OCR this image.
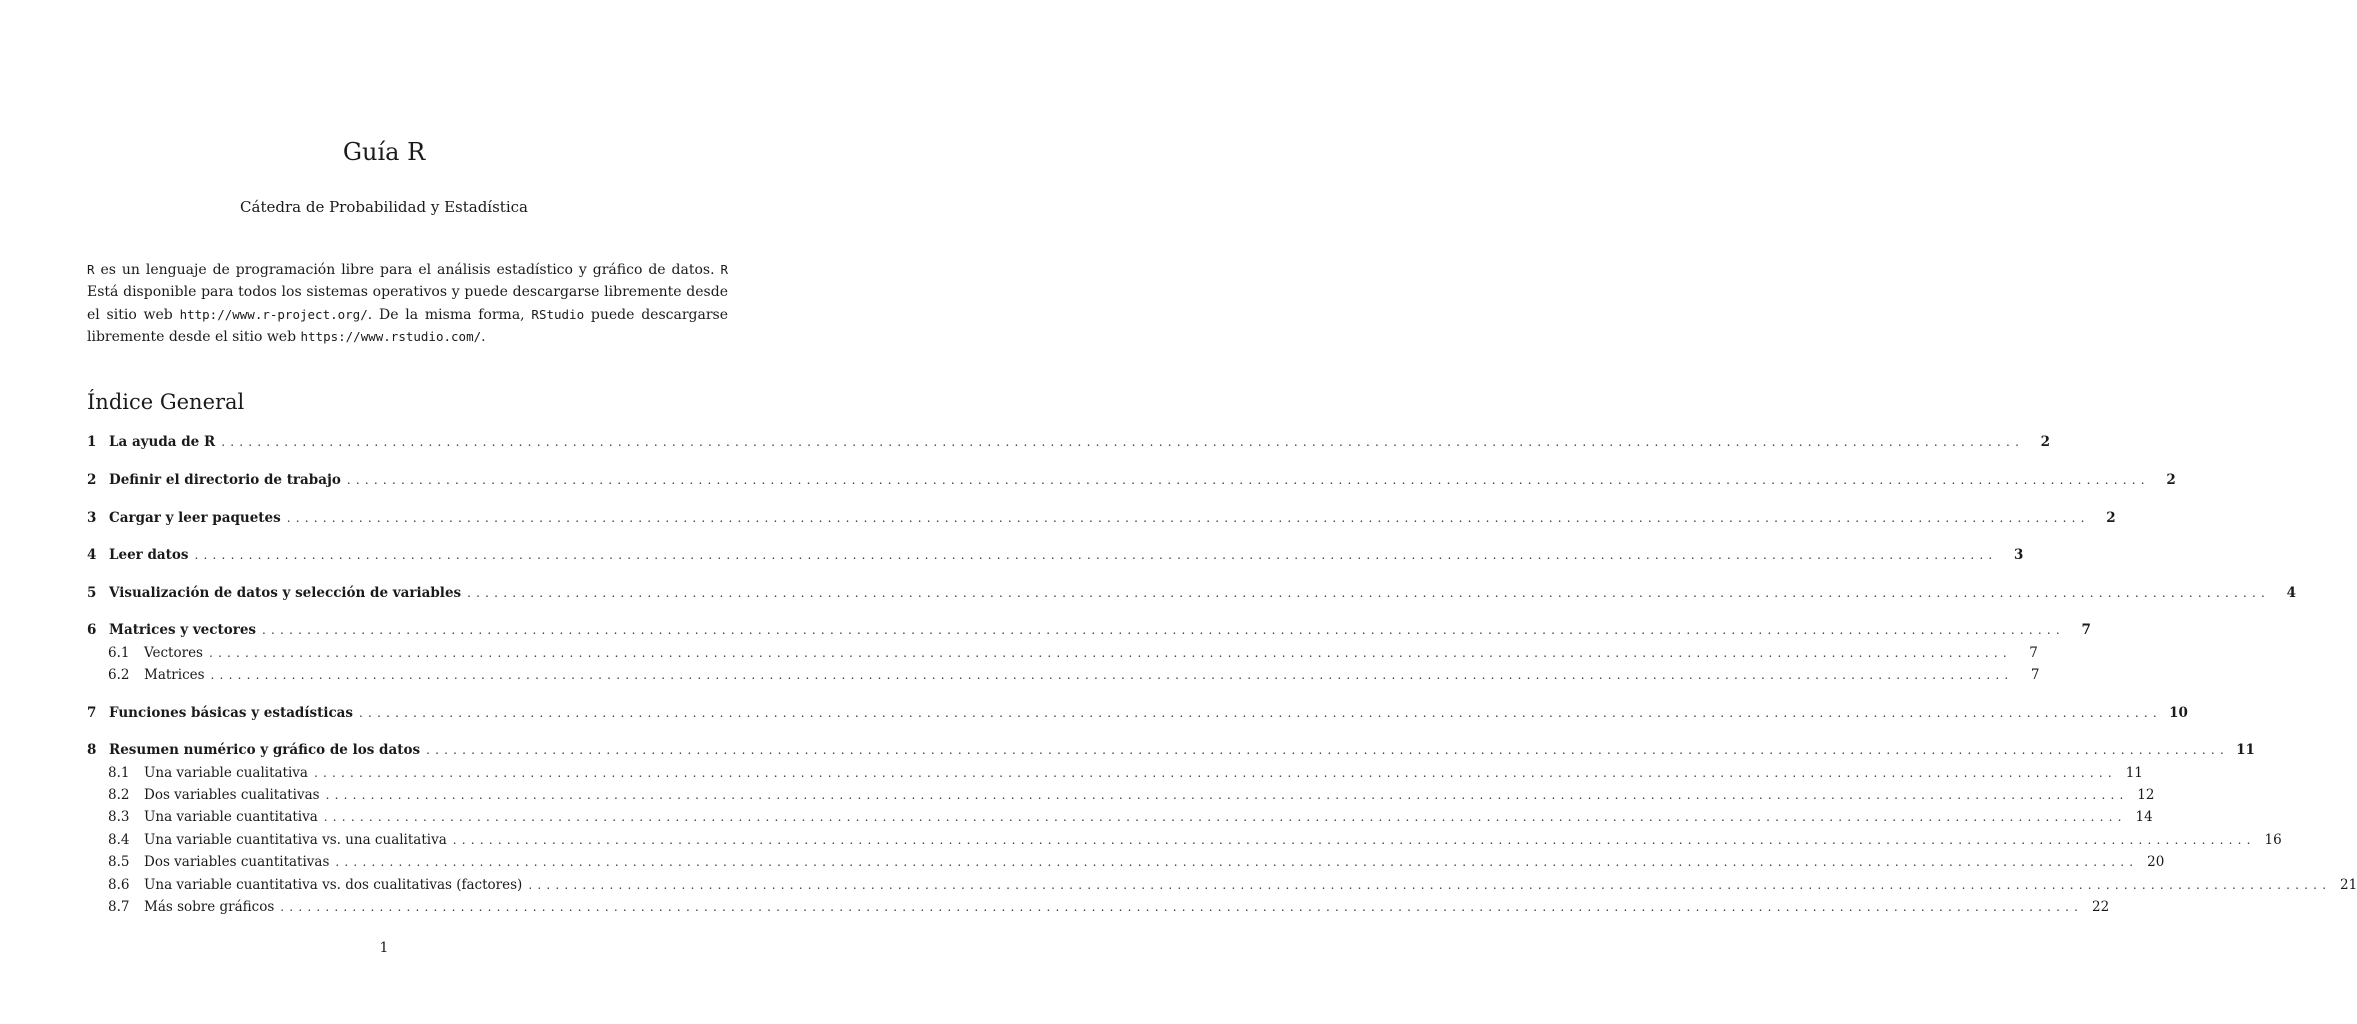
Guía R
Cátedra de Probabilidad y Estadística

R es un lenguaje de programación libre para el análisis estadístico y gráfico de datos. R Está disponible para todos los sistemas operativos y puede descargarse libremente desde el sitio web http://www.r-project.org/. De la misma forma, RStudio puede descargarse libremente desde el sitio web https://www.rstudio.com/.

Índice General
1 La ayuda de R ........................................................................................................................................................................................................	2
2 Definir el directorio de trabajo ........................................................................................................................................................................................................	2
3 Cargar y leer paquetes ........................................................................................................................................................................................................	2
4 Leer datos ........................................................................................................................................................................................................	3
5 Visualización de datos y selección de variables ........................................................................................................................................................................................................	4
6 Matrices y vectores ........................................................................................................................................................................................................	7
6.1	Vectores ........................................................................................................................................................................................................	7
6.2	Matrices ........................................................................................................................................................................................................	7
7 Funciones básicas y estadísticas ........................................................................................................................................................................................................ 10
8 Resumen numérico y gráfico de los datos ........................................................................................................................................................................................................ 11
8.1	Una variable cualitativa ........................................................................................................................................................................................................ 11
8.2	Dos variables cualitativas ........................................................................................................................................................................................................ 12
8.3	Una variable cuantitativa ........................................................................................................................................................................................................ 14
8.4	Una variable cuantitativa vs. una cualitativa ........................................................................................................................................................................................................ 16
8.5	Dos variables cuantitativas ........................................................................................................................................................................................................ 20
8.6	Una variable cuantitativa vs. dos cualitativas (factores) ........................................................................................................................................................................................................ 21
8.7	Más sobre gráficos ........................................................................................................................................................................................................ 22
1
